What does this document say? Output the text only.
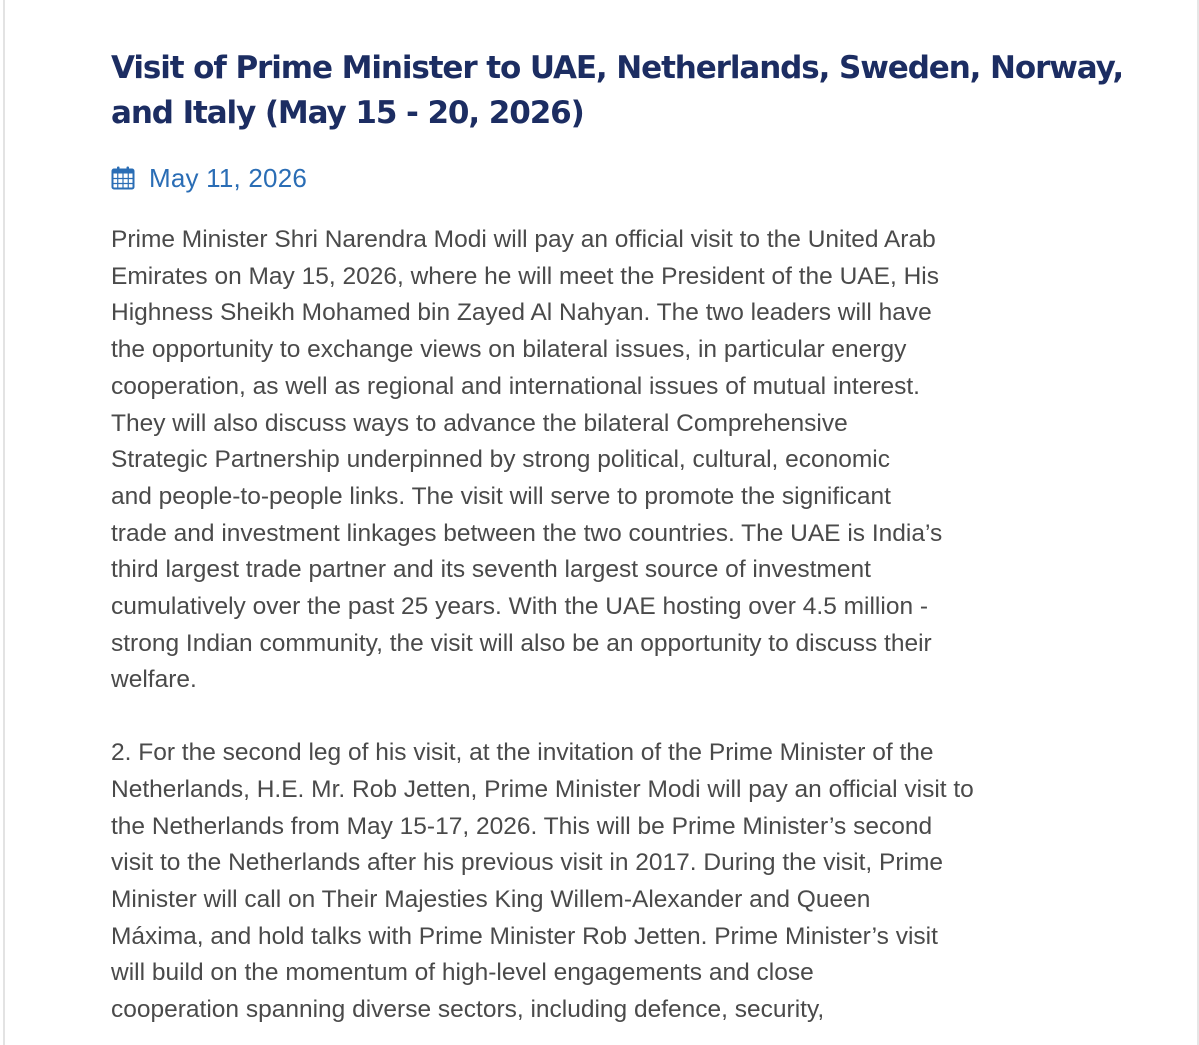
Visit of Prime Minister to UAE, Netherlands, Sweden, Norway,
and Italy (May 15 - 20, 2026)
May 11, 2026

Prime Minister Shri Narendra Modi will pay an official visit to the United Arab
Emirates on May 15, 2026, where he will meet the President of the UAE, His
Highness Sheikh Mohamed bin Zayed Al Nahyan. The two leaders will have
the opportunity to exchange views on bilateral issues, in particular energy
cooperation, as well as regional and international issues of mutual interest.
They will also discuss ways to advance the bilateral Comprehensive
Strategic Partnership underpinned by strong political, cultural, economic
and people-to-people links. The visit will serve to promote the significant
trade and investment linkages between the two countries. The UAE is India’s
third largest trade partner and its seventh largest source of investment
cumulatively over the past 25 years. With the UAE hosting over 4.5 million -
strong Indian community, the visit will also be an opportunity to discuss their
welfare.

2. For the second leg of his visit, at the invitation of the Prime Minister of the
Netherlands, H.E. Mr. Rob Jetten, Prime Minister Modi will pay an official visit to
the Netherlands from May 15-17, 2026. This will be Prime Minister’s second
visit to the Netherlands after his previous visit in 2017. During the visit, Prime
Minister will call on Their Majesties King Willem-Alexander and Queen
Máxima, and hold talks with Prime Minister Rob Jetten. Prime Minister’s visit
will build on the momentum of high-level engagements and close
cooperation spanning diverse sectors, including defence, security,
